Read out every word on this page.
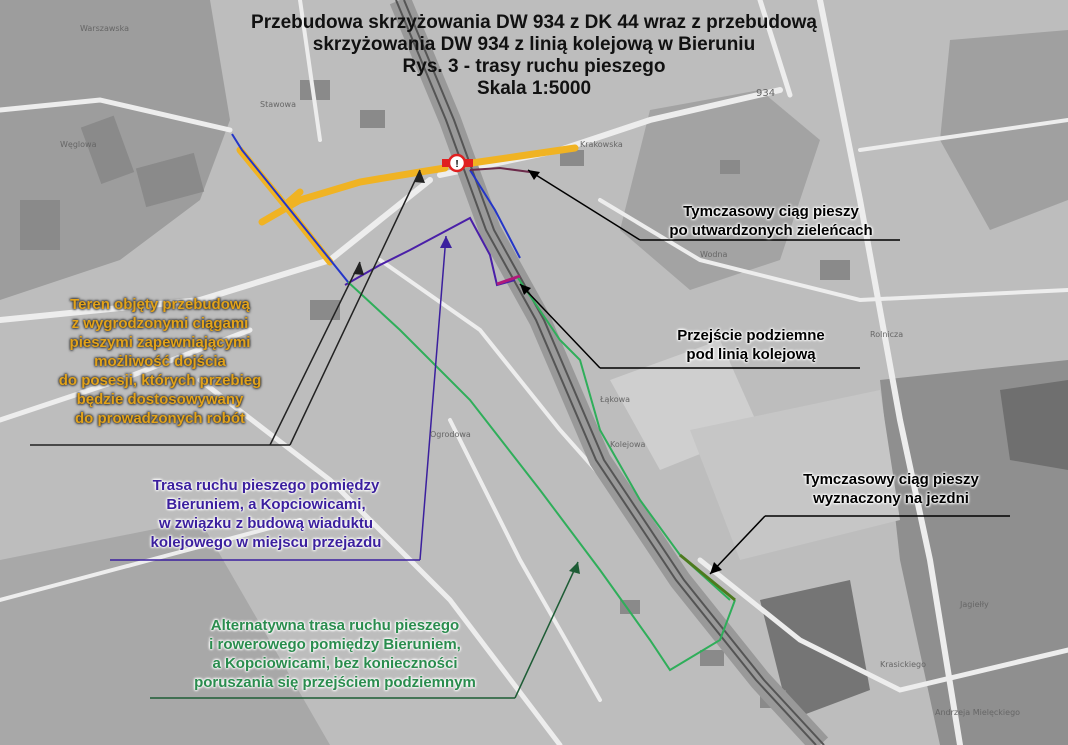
!
934
Warszawska
Węglowa	Krakowska
Stawowa
Wodna
Rolnicza
Ogrodowa
Jagiełły
Łąkowa
Krasickiego
Andrzeja Mielęckiego
Kolejowa
Przebudowa skrzyżowania DW 934 z DK 44 wraz z przebudową
skrzyżowania DW 934 z linią kolejową w Bieruniu
Rys. 3 - trasy ruchu pieszego
Skala 1:5000
Tymczasowy ciąg pieszy
po utwardzonych zieleńcach
Przejście podziemne
pod linią kolejową
Tymczasowy ciąg pieszy
wyznaczony na jezdni
Teren objęty przebudową
z wygrodzonymi ciągami
pieszymi zapewniającymi
możliwość dojścia
do posesji, których przebieg
będzie dostosowywany
do prowadzonych robót
Trasa ruchu pieszego pomiędzy
Bieruniem, a Kopciowicami,
w związku z budową wiaduktu
kolejowego w miejscu przejazdu
Alternatywna trasa ruchu pieszego
i rowerowego pomiędzy Bieruniem,
a Kopciowicami, bez konieczności
poruszania się przejściem podziemnym
